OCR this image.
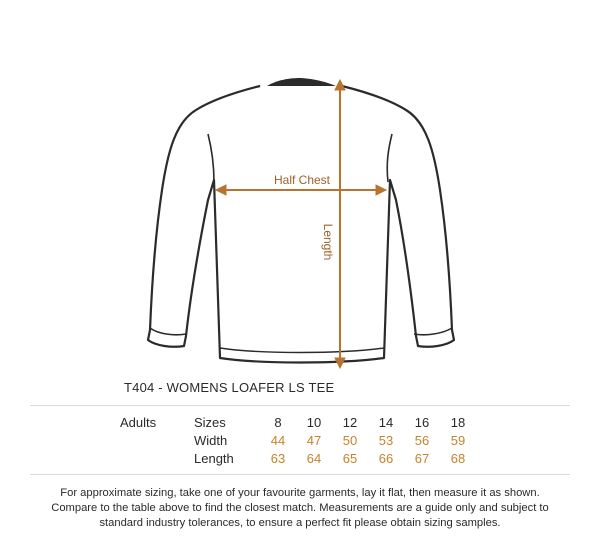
Half Chest
Length
T404 - WOMENS LOAFER LS TEE
Adults	Sizes	8	10	12	14	16	18
	Width	44	47	50	53	56	59
	Length	63	64	65	66	67	68
For approximate sizing, take one of your favourite garments, lay it flat, then measure it as shown.
Compare to the table above to find the closest match. Measurements are a guide only and subject to
standard industry tolerances, to ensure a perfect fit please obtain sizing samples.
